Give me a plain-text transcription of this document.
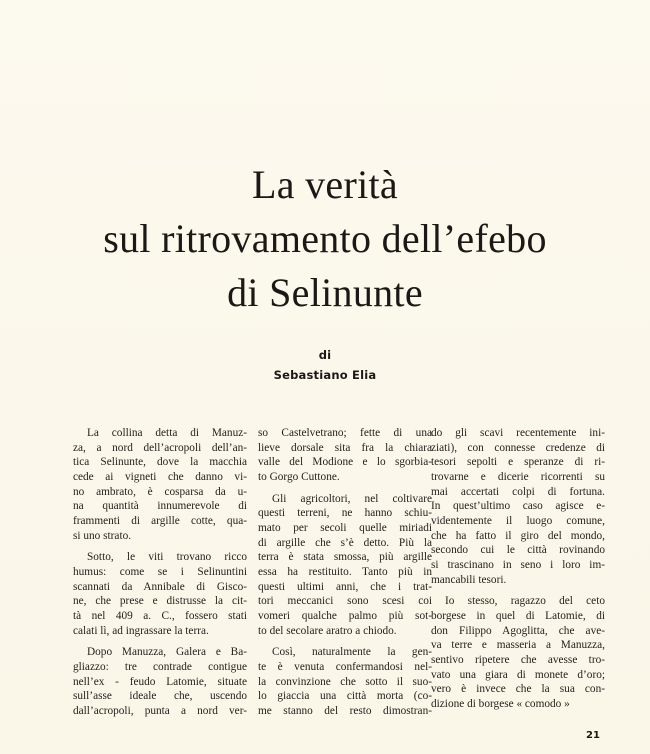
La verità
sul ritrovamento dell’efebo
di Selinunte
di
Sebastiano Elia

La collina detta di Manuz-
za, a nord dell’acropoli dell’an-
tica Selinunte, dove la macchia
cede ai vigneti che danno vi-
no ambrato, è cosparsa da u-
na quantità innumerevole di
frammenti di argille cotte, qua-
si uno strato.

Sotto, le viti trovano ricco
humus: come se i Selinuntini
scannati da Annibale di Gisco-
ne, che prese e distrusse la cit-
tà nel 409 a. C., fossero stati
calati lì, ad ingrassare la terra.

Dopo Manuzza, Galera e Ba-
gliazzo: tre contrade contigue
nell’ex - feudo Latomie, situate
sull’asse ideale che, uscendo
dall’acropoli, punta a nord ver-

so Castelvetrano; fette di una
lieve dorsale sita fra la chiara
valle del Modione e lo sgorbia-
to Gorgo Cuttone.

Gli agricoltori, nel coltivare
questi terreni, ne hanno schiu-
mato per secoli quelle miriadi
di argille che s’è detto. Più la
terra è stata smossa, più argille
essa ha restituito. Tanto più in
questi ultimi anni, che i trat-
tori meccanici sono scesi coi
vomeri qualche palmo più sot-
to del secolare aratro a chiodo.

Così, naturalmente la gen-
te è venuta confermandosi nel-
la convinzione che sotto il suo-
lo giaccia una città morta (co-
me stanno del resto dimostran-

do gli scavi recentemente ini-
ziati), con connesse credenze di
tesori sepolti e speranze di ri-
trovarne e dicerie ricorrenti su
mai accertati colpi di fortuna.
In quest’ultimo caso agisce e-
videntemente il luogo comune,
che ha fatto il giro del mondo,
secondo cui le città rovinando
si trascinano in seno i loro im-
mancabili tesori.

Io stesso, ragazzo del ceto
borgese in quel di Latomie, di
don Filippo Agoglitta, che ave-
va terre e masseria a Manuzza,
sentivo ripetere che avesse tro-
vato una giara di monete d’oro;
vero è invece che la sua con-
dizione di borgese « comodo »

21
